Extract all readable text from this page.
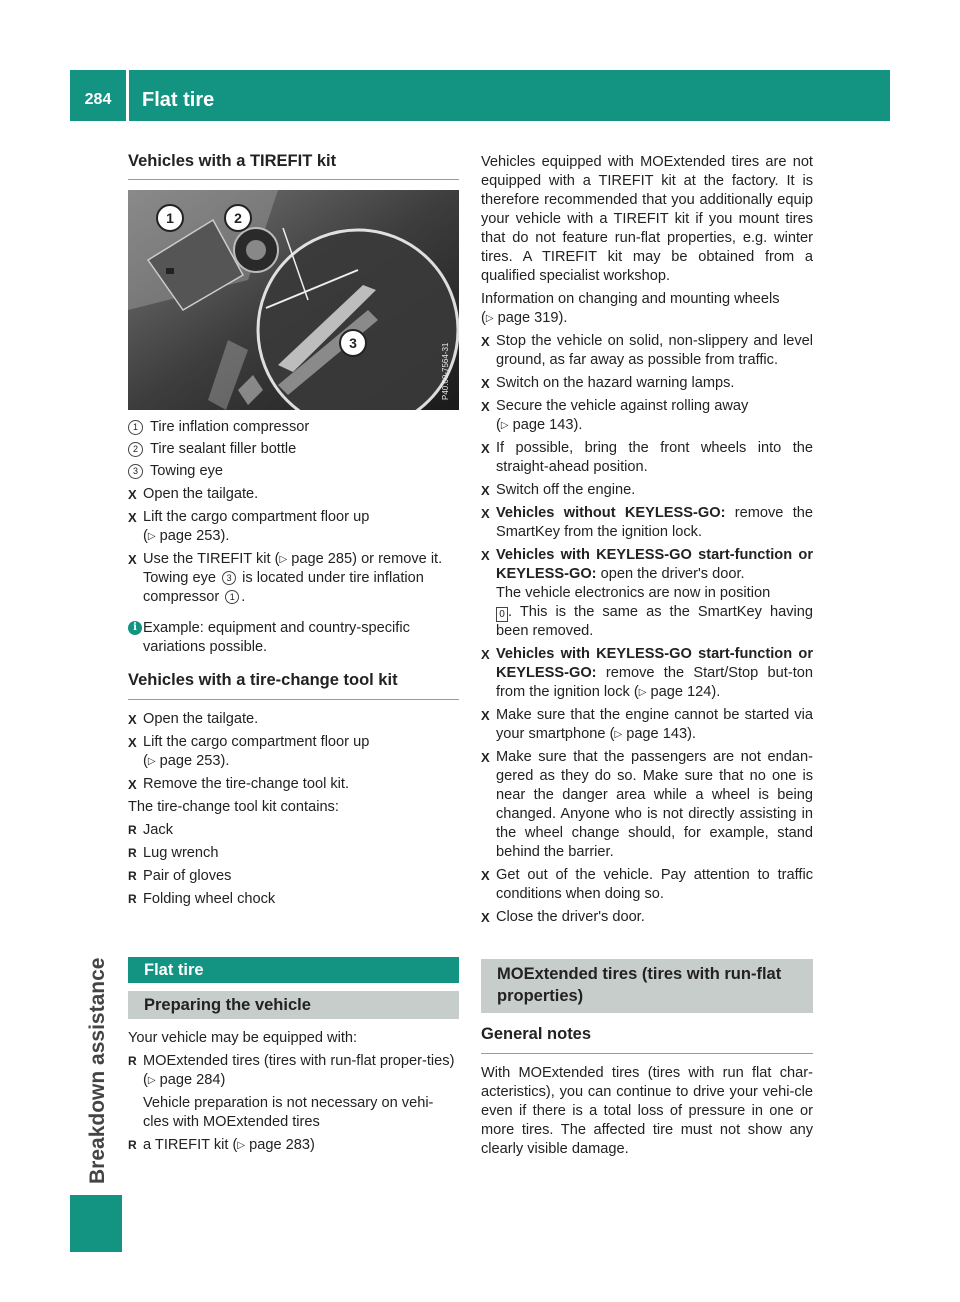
284	Flat tire
Breakdown assistance
Vehicles with a TIREFIT kit
1	2
3	P40.00-7564-31
1 Tire inflation compressor
2 Tire sealant filler bottle
3 Towing eye
X Open the tailgate.
X Lift the cargo compartment floor up
(▷ page 253).
X Use the TIREFIT kit (▷ page 285) or remove it.
Towing eye 3 is located under tire inflation
compressor 1 .
i Example: equipment and country-specific variations possible.
Vehicles with a tire-change tool kit
X Open the tailgate.
X Lift the cargo compartment floor up
(▷ page 253).
X Remove the tire-change tool kit.
The tire-change tool kit contains:
R Jack
R Lug wrench
R Pair of gloves
R Folding wheel chock
Flat tire
Preparing the vehicle
Your vehicle may be equipped with:
R MOExtended tires (tires with run-flat proper-ties) (▷ page 284)
Vehicle preparation is not necessary on vehi-cles with MOExtended tires
R a TIREFIT kit (▷ page 283)
Vehicles equipped with MOExtended tires are not equipped with a TIREFIT kit at the factory. It is therefore recommended that you additionally equip your vehicle with a TIREFIT kit if you mount tires that do not feature run-flat properties, e.g. winter tires. A TIREFIT kit may be obtained from a qualified specialist workshop.
Information on changing and mounting wheels
(▷ page 319).
X Stop the vehicle on solid, non-slippery and level ground, as far away as possible from traffic.
X Switch on the hazard warning lamps.
X Secure the vehicle against rolling away
(▷ page 143).
X If possible, bring the front wheels into the straight-ahead position.
X Switch off the engine.
X Vehicles without KEYLESS-GO: remove the SmartKey from the ignition lock.
X Vehicles with KEYLESS-GO start-function or KEYLESS-GO: open the driver's door.
The vehicle electronics are now in position
0 . This is the same as the SmartKey having been removed.
X Vehicles with KEYLESS-GO start-function or KEYLESS-GO: remove the Start/Stop but-ton from the ignition lock (▷ page 124).
X Make sure that the engine cannot be started via your smartphone (▷ page 143).
X Make sure that the passengers are not endan-gered as they do so. Make sure that no one is near the danger area while a wheel is being changed. Anyone who is not directly assisting in the wheel change should, for example, stand behind the barrier.
X Get out of the vehicle. Pay attention to traffic conditions when doing so.
X Close the driver's door.
MOExtended tires (tires with run-flat properties)
General notes
With MOExtended tires (tires with run flat char-acteristics), you can continue to drive your vehi-cle even if there is a total loss of pressure in one or more tires. The affected tire must not show any clearly visible damage.
